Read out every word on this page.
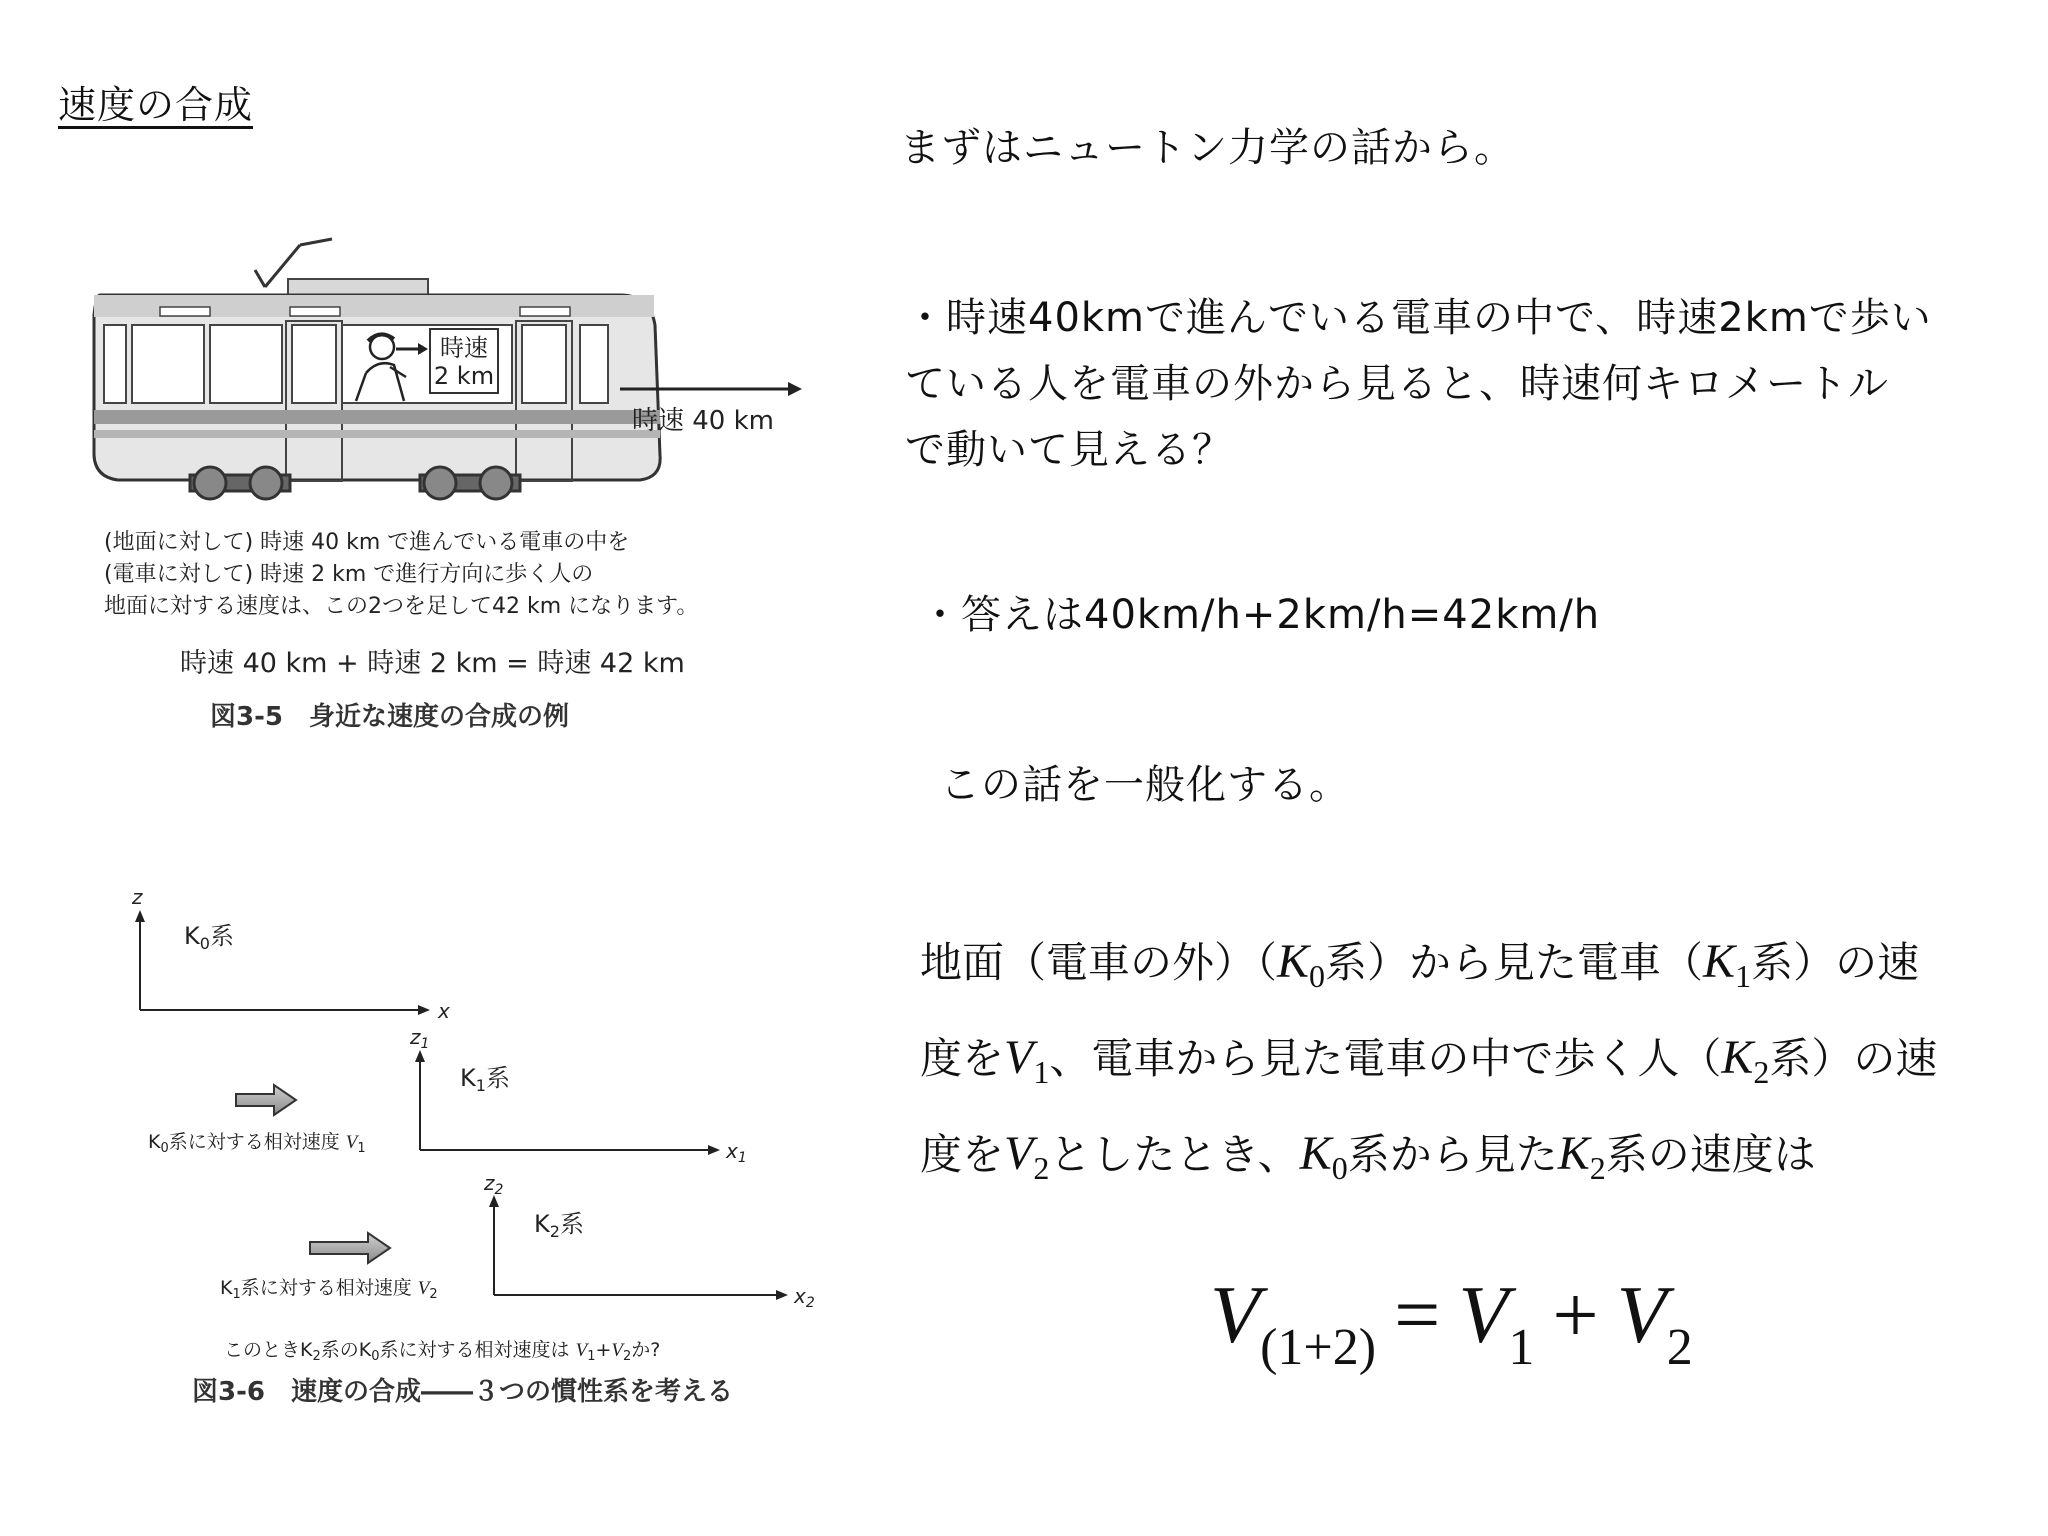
速度の合成
時速
2 km
時速 40 km
(地面に対して) 時速 40 km で進んでいる電車の中を
(電車に対して) 時速 2 km で進行方向に歩く人の
地面に対する速度は、この2つを足して42 km になります。
時速 40 km + 時速 2 km = 時速 42 km
図3-5　身近な速度の合成の例
z
x
$K_0$系
$z_1$
$x_1$
$K_1$系
$K_0$系に対する相対速度 $V_1$
$z_2$
$x_2$
$K_2$系
$K_1$系に対する相対速度 $V_2$
このとき$K_2$系の$K_0$系に対する相対速度は $V_1+V_2$か?
図3-6　速度の合成――３つの慣性系を考える
まずはニュートン力学の話から。
・時速40kmで進んでいる電車の中で、時速2kmで歩い
ている人を電車の外から見ると、時速何キロメートル
で動いて見える？
・答えは40km/h+2km/h=42km/h
この話を一般化する。
地面（電車の外）（$K_0$系）から見た電車（$K_1$系）の速
度を$V_1$、電車から見た電車の中で歩く人（$K_2$系）の速
度を$V_2$としたとき、$K_0$系から見た$K_2$系の速度は
$V_{(1+2)} = V_1 + V_2$
